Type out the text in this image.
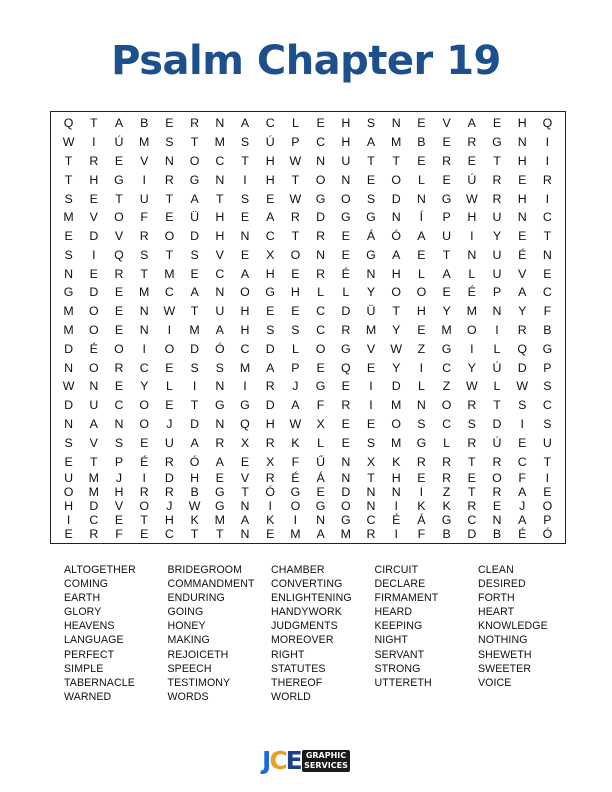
Psalm Chapter 19
Q	T	A	B	E	R	N	A	C	L	E	H	S	N	E	V	A	E	H	Q
W	I	Ú	M	S	T	M	S	Ú	P	C	H	A	M	B	E	R	G	N	I
T	R	E	V	N	O	C	T	H	W	N	U	T	T	E	R	E	T	H	I
T	H	G	I	R	G	N	I	H	T	O	N	E	O	L	E	Ú	R	E	R
S	E	T	U	T	A	T	S	E	W	G	O	S	D	N	G	W	R	H	I
M	V	O	F	E	Ü	H	E	A	R	D	G	G	N	Í	P	H	U	N	C
E	D	V	R	O	D	H	N	C	T	R	E	Á	Ó	A	U	I	Y	E	T
S	I	Q	S	T	S	V	E	X	O	N	E	G	A	E	T	N	U	É	N
N	E	R	T	M	E	C	A	H	E	R	É	N	H	L	A	L	U	V	E
G	D	E	M	C	A	N	O	G	H	L	L	Y	O	O	E	É	P	A	C
M	O	E	N	W	T	U	H	E	E	C	D	Ü	T	H	Y	M	N	Y	F
M	O	E	N	I	M	A	H	S	S	C	R	M	Y	E	M	O	I	R	B
D	É	O	I	O	D	Ó	C	D	L	O	G	V	W	Z	G	I	L	Q	G
N	O	R	C	E	S	S	M	A	P	E	Q	E	Y	I	C	Y	Ú	D	P
W	N	E	Y	L	I	N	I	R	J	G	E	I	D	L	Z	W	L	W	S
D	U	C	O	E	T	G	G	D	A	F	R	I	M	N	O	R	T	S	C
N	A	N	O	J	D	N	Q	H	W	X	E	E	O	S	C	S	D	I	S
S	V	S	E	U	A	R	X	R	K	L	E	S	M	G	L	R	Ú	E	U
E	T	P	É	R	Ó	A	E	X	F	Ű	N	X	K	R	R	T	R	C	T
U	M	J	I	D	H	E	V	R	É	Á	N	T	H	E	R	E	O	F	I
O	M	H	R	R	B	G	T	Ó	G	E	D	N	N	I	Z	T	R	A	E
H	D	V	O	J	W	G	N	I	O	G	O	N	I	K	K	R	E	J	O
I	C	E	T	H	K	M	A	K	I	N	G	C	É	Á	G	C	N	A	P
E	R	F	E	C	T	T	N	E	M	A	M	R	I	F	B	D	B	É	Ó
ALTOGETHER	BRIDEGROOM	CHAMBER	CIRCUIT	CLEAN
COMING	COMMANDMENT	CONVERTING	DECLARE	DESIRED
EARTH	ENDURING	ENLIGHTENING	FIRMAMENT	FORTH
GLORY	GOING	HANDYWORK	HEARD	HEART
HEAVENS	HONEY	JUDGMENTS	KEEPING	KNOWLEDGE
LANGUAGE	MAKING	MOREOVER	NIGHT	NOTHING
PERFECT	REJOICETH	RIGHT	SERVANT	SHEWETH
SIMPLE	SPEECH	STATUTES	STRONG	SWEETER
TABERNACLE	TESTIMONY	THEREOF	UTTERETH	VOICE
WARNED	WORDS	WORLD
JCE GRAPHIC
SERVICES
